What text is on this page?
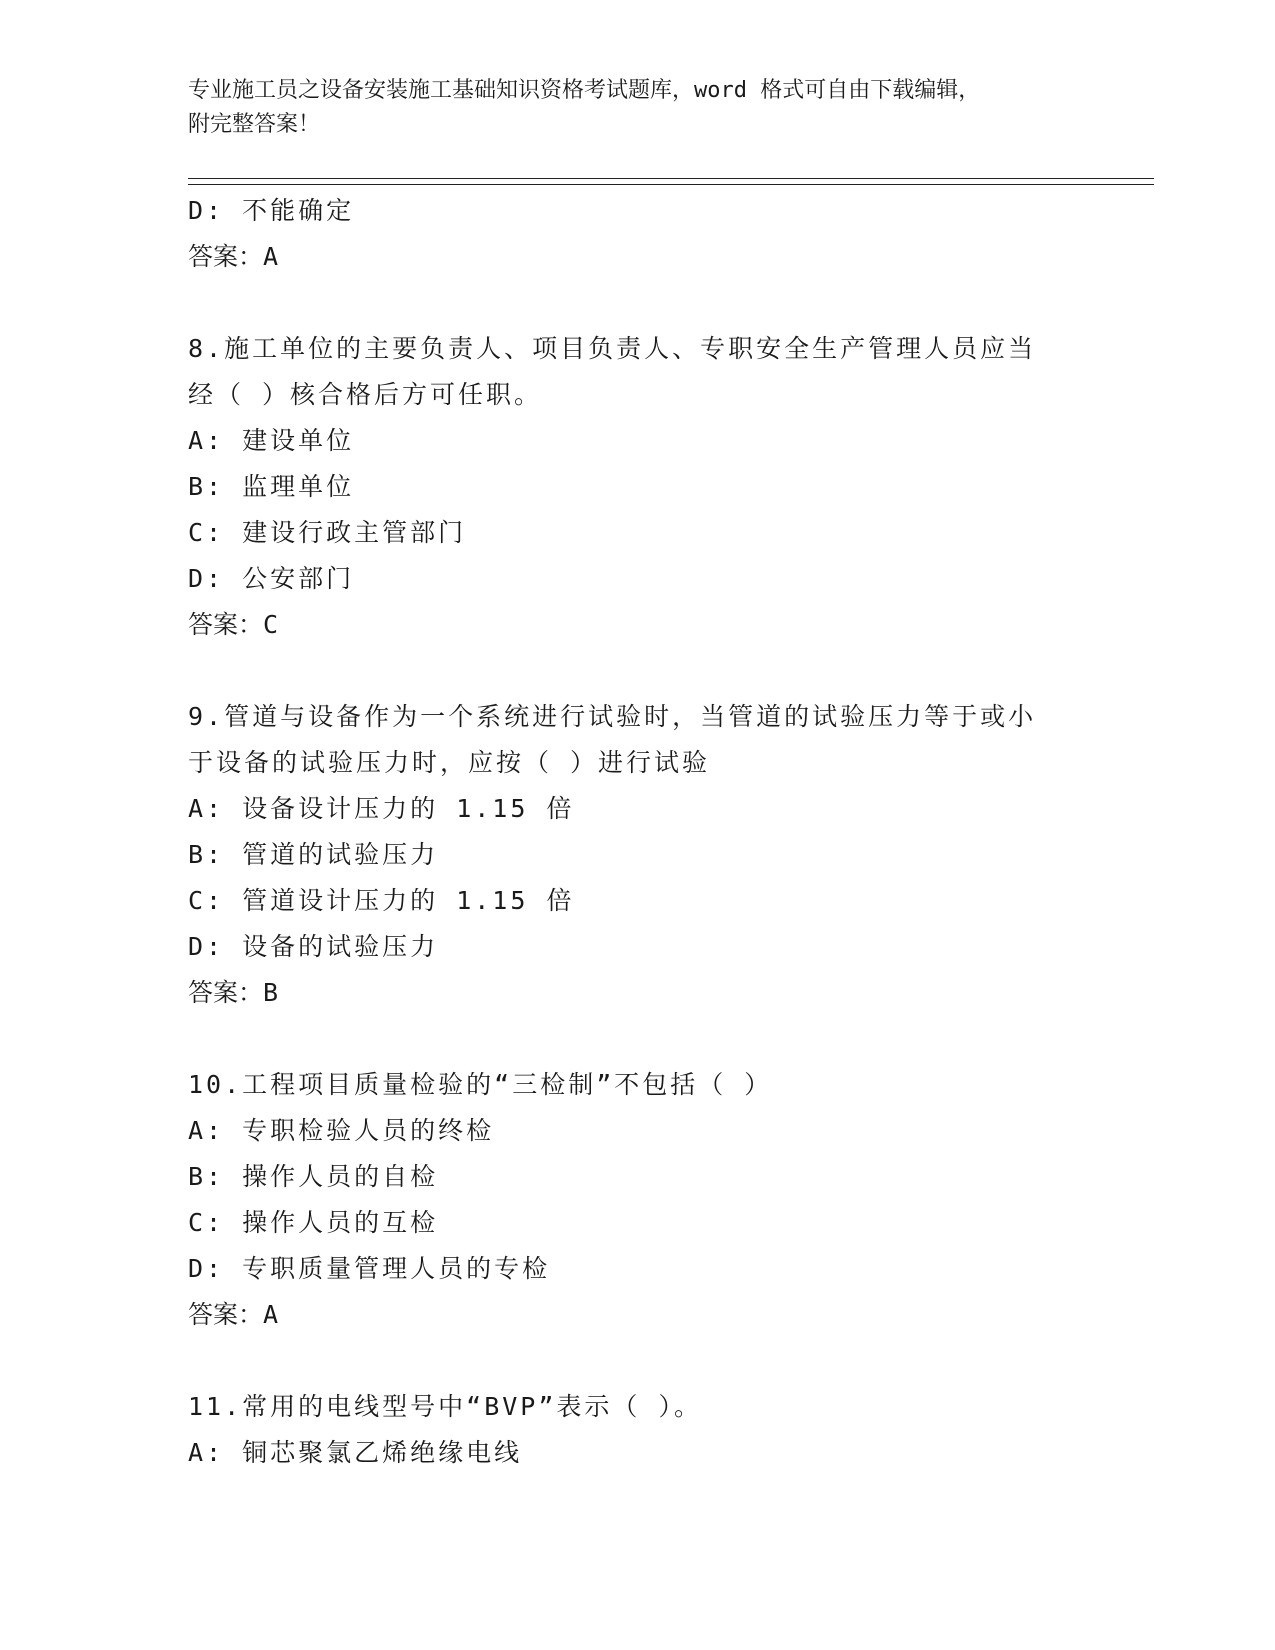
专业施工员之设备安装施工基础知识资格考试题库，word 格式可自由下载编辑，
附完整答案！
D: 不能确定
答案：A
8.施工单位的主要负责人、项目负责人、专职安全生产管理人员应当
经（ ）核合格后方可任职。
A: 建设单位
B: 监理单位
C: 建设行政主管部门
D: 公安部门
答案：C
9.管道与设备作为一个系统进行试验时，当管道的试验压力等于或小
于设备的试验压力时，应按（ ）进行试验
A: 设备设计压力的 1.15 倍
B: 管道的试验压力
C: 管道设计压力的 1.15 倍
D: 设备的试验压力
答案：B
10.工程项目质量检验的“三检制”不包括（ ）
A: 专职检验人员的终检
B: 操作人员的自检
C: 操作人员的互检
D: 专职质量管理人员的专检
答案：A
11.常用的电线型号中“BVP”表示（ ）。
A: 铜芯聚氯乙烯绝缘电线
